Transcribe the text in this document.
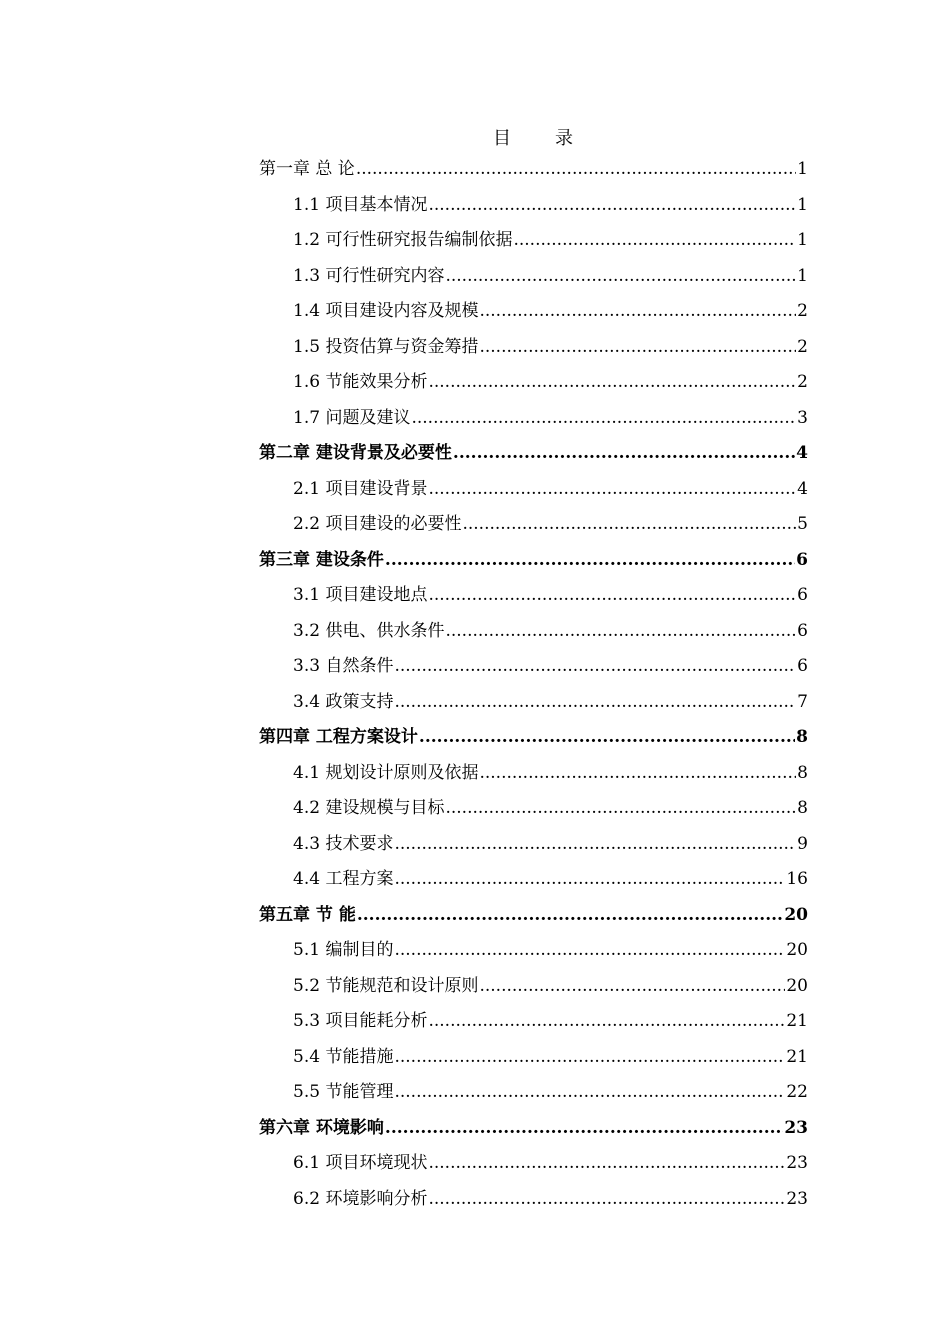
目 录
第一章 总 论 .....	1
1.1 项目基本情况 .....	1
1.2 可行性研究报告编制依据 .....	1
1.3 可行性研究内容 .....	1
1.4 项目建设内容及规模 .....	2
1.5 投资估算与资金筹措 .....	2
1.6 节能效果分析 .....	2
1.7 问题及建议 .....	3
第二章 建设背景及必要性 .....	4
2.1 项目建设背景 .....	4
2.2 项目建设的必要性 .....	5
第三章 建设条件 .....	6
3.1 项目建设地点 .....	6
3.2 供电、供水条件 .....	6
3.3 自然条件 .....	6
3.4 政策支持 .....	7
第四章 工程方案设计 .....	8
4.1 规划设计原则及依据 .....	8
4.2 建设规模与目标 .....	8
4.3 技术要求 .....	9
4.4 工程方案 .....	16
第五章 节 能 .....	20
5.1 编制目的 .....	20
5.2 节能规范和设计原则 .....	20
5.3 项目能耗分析 .....	21
5.4 节能措施 .....	21
5.5 节能管理 .....	22
第六章 环境影响 .....	23
6.1 项目环境现状 .....	23
6.2 环境影响分析 .....	23
